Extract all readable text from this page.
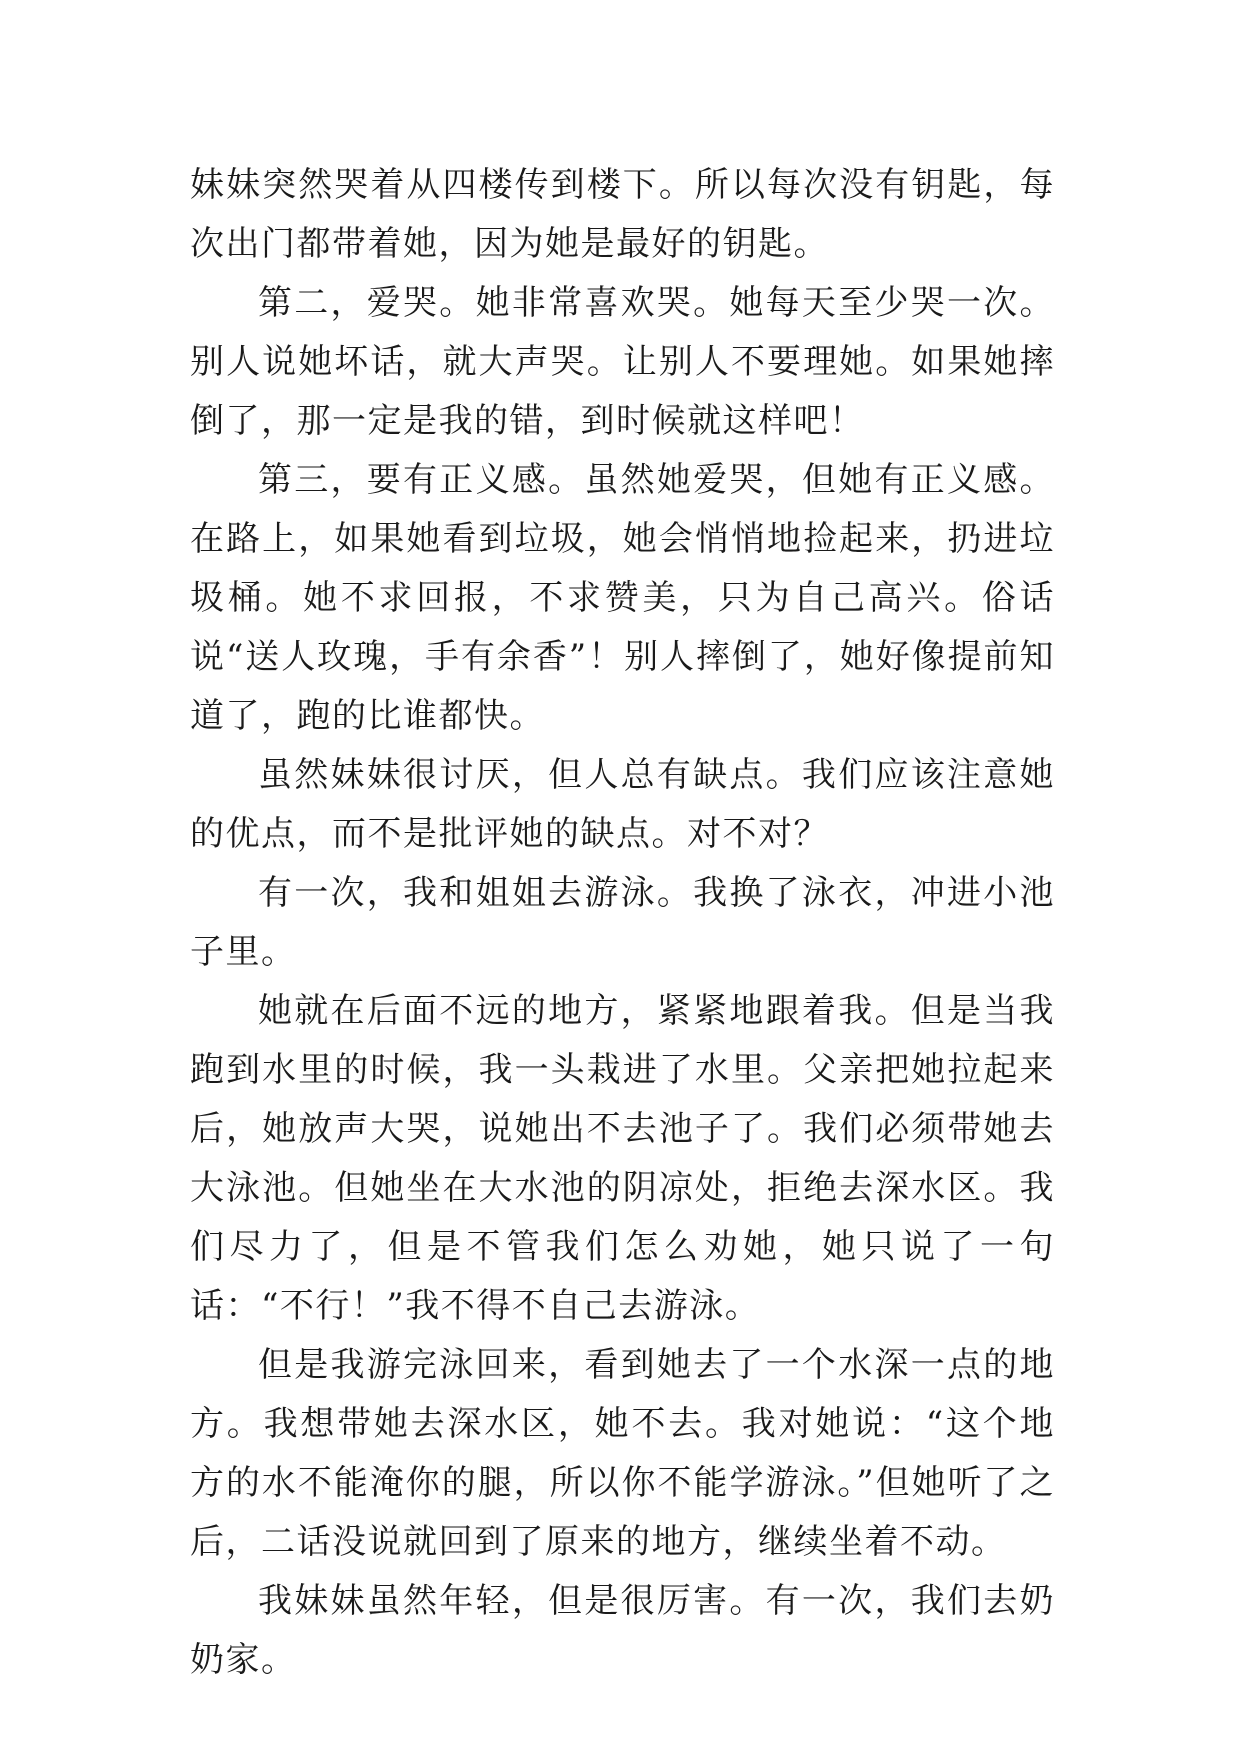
妹妹突然哭着从四楼传到楼下。所以每次没有钥匙，每次出门都带着她，因为她是最好的钥匙。

第二，爱哭。她非常喜欢哭。她每天至少哭一次。别人说她坏话，就大声哭。让别人不要理她。如果她摔倒了，那一定是我的错，到时候就这样吧！

第三，要有正义感。虽然她爱哭，但她有正义感。在路上，如果她看到垃圾，她会悄悄地捡起来，扔进垃圾桶。她不求回报，不求赞美，只为自己高兴。俗话说“送人玫瑰，手有余香”！别人摔倒了，她好像提前知道了，跑的比谁都快。

虽然妹妹很讨厌，但人总有缺点。我们应该注意她的优点，而不是批评她的缺点。对不对？

有一次，我和姐姐去游泳。我换了泳衣，冲进小池子里。

她就在后面不远的地方，紧紧地跟着我。但是当我跑到水里的时候，我一头栽进了水里。父亲把她拉起来后，她放声大哭，说她出不去池子了。我们必须带她去大泳池。但她坐在大水池的阴凉处，拒绝去深水区。我们尽力了，但是不管我们怎么劝她，她只说了一句话：“不行！”我不得不自己去游泳。

但是我游完泳回来，看到她去了一个水深一点的地方。我想带她去深水区，她不去。我对她说：“这个地方的水不能淹你的腿，所以你不能学游泳。”但她听了之后，二话没说就回到了原来的地方，继续坐着不动。

我妹妹虽然年轻，但是很厉害。有一次，我们去奶奶家。
